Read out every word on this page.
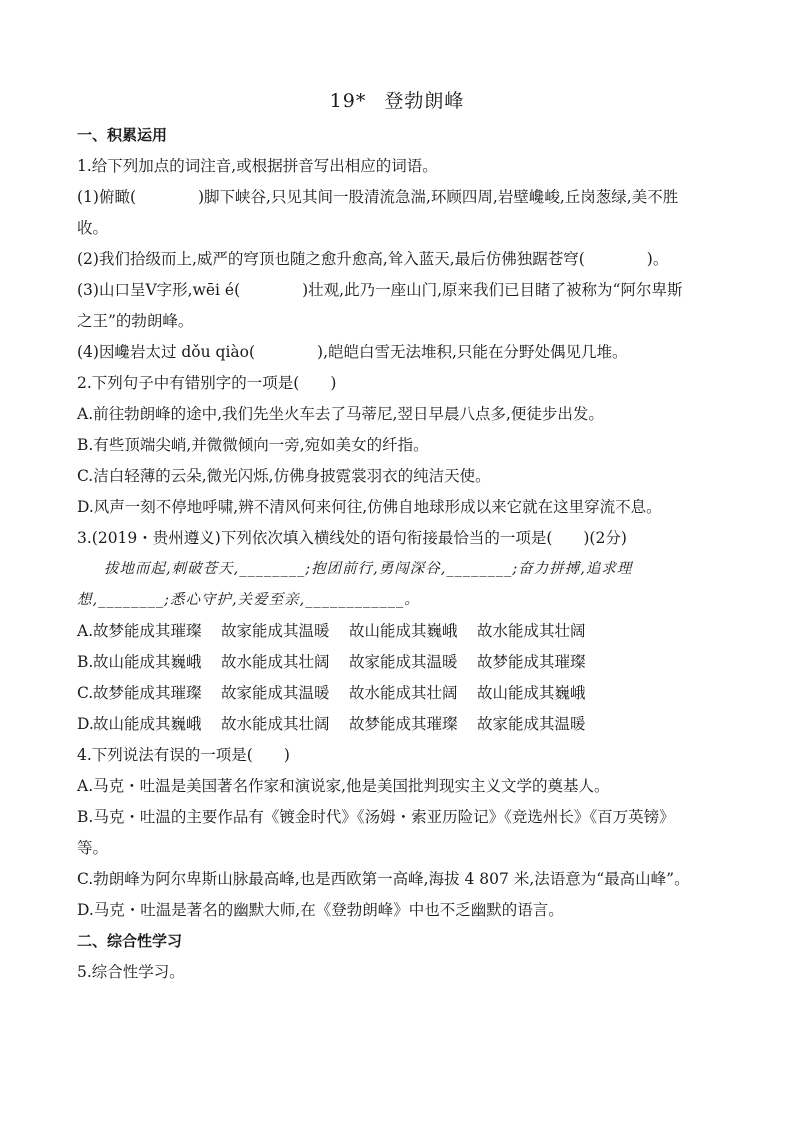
19* 登勃朗峰
一、积累运用
1.给下列加点的词注音,或根据拼音写出相应的词语。
(1)俯瞰(　　　　)脚下峡谷,只见其间一股清流急湍,环顾四周,岩壁巉峻,丘岗葱绿,美不胜
收。
(2)我们拾级而上,威严的穹顶也随之愈升愈高,耸入蓝天,最后仿佛独踞苍穹(　　　　)。
(3)山口呈V字形,wēi é(　　　　)壮观,此乃一座山门,原来我们已目睹了被称为“阿尔卑斯
之王”的勃朗峰。
(4)因巉岩太过 dǒu qiào(　　　　),皑皑白雪无法堆积,只能在分野处偶见几堆。
2.下列句子中有错别字的一项是(　　)
A.前往勃朗峰的途中,我们先坐火车去了马蒂尼,翌日早晨八点多,便徒步出发。
B.有些顶端尖峭,并微微倾向一旁,宛如美女的纤指。
C.洁白轻薄的云朵,微光闪烁,仿佛身披霓裳羽衣的纯洁天使。
D.风声一刻不停地呼啸,辨不清风何来何往,仿佛自地球形成以来它就在这里穿流不息。
3.(2019・贵州遵义)下列依次填入横线处的语句衔接最恰当的一项是(　　)(2分)
拔地而起,刺破苍天,________;抱团前行,勇闯深谷,________;奋力拼搏,追求理
想,________;悉心守护,关爱至亲,____________。
A. 故梦能成其璀璨	故家能成其温暖	故山能成其巍峨	故水能成其壮阔
B. 故山能成其巍峨	故水能成其壮阔	故家能成其温暖	故梦能成其璀璨
C. 故梦能成其璀璨	故家能成其温暖	故水能成其壮阔	故山能成其巍峨
D. 故山能成其巍峨	故水能成其壮阔	故梦能成其璀璨	故家能成其温暖
4.下列说法有误的一项是(　　)
A.马克・吐温是美国著名作家和演说家,他是美国批判现实主义文学的奠基人。
B.马克・吐温的主要作品有《镀金时代》《汤姆・索亚历险记》《竞选州长》《百万英镑》
等。
C.勃朗峰为阿尔卑斯山脉最高峰,也是西欧第一高峰,海拔 4 807 米,法语意为“最高山峰”。
D.马克・吐温是著名的幽默大师,在《登勃朗峰》中也不乏幽默的语言。
二、综合性学习
5.综合性学习。
